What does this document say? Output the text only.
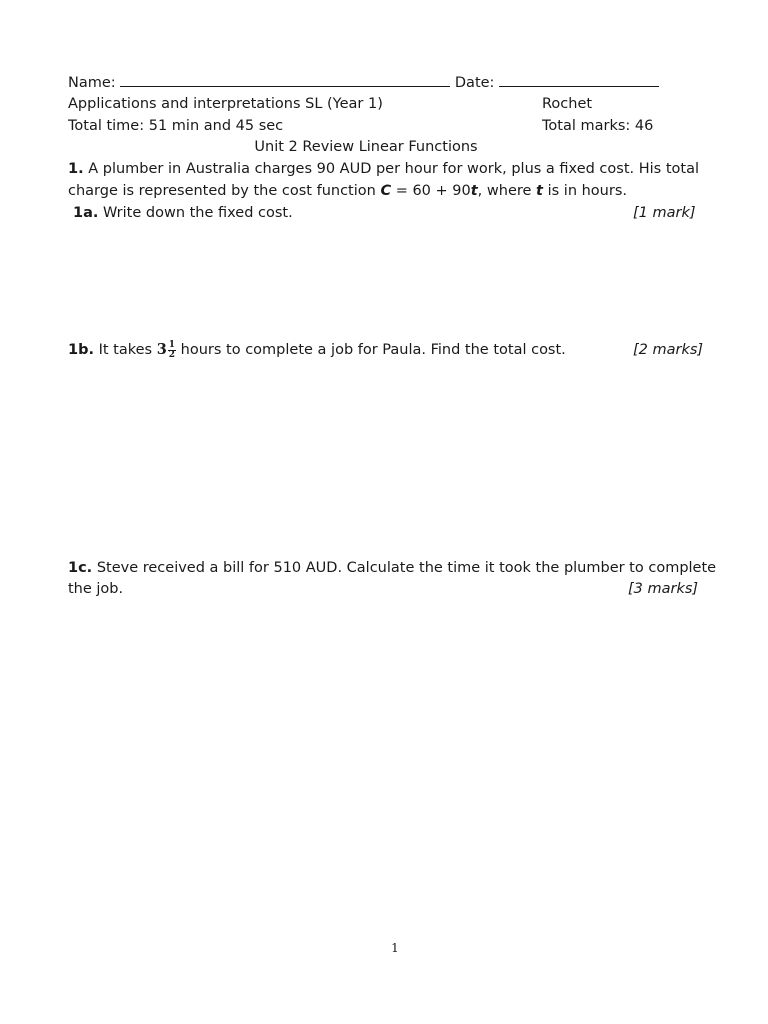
Name:	Date:
Applications and interpretations SL (Year 1)	Rochet
Total time: 51 min and 45 sec	Total marks: 46
Unit 2 Review Linear Functions
1. A plumber in Australia charges 90 AUD per hour for work, plus a fixed cost. His total
charge is represented by the cost function C = 60 + 90t, where t is in hours.
1a. Write down the fixed cost.	[1 mark]
1b. It takes $3 \frac{1}{2}$ hours to complete a job for Paula. Find the total cost.	[2 marks]
1c. Steve received a bill for 510 AUD. Calculate the time it took the plumber to complete
the job.	[3 marks]
1
